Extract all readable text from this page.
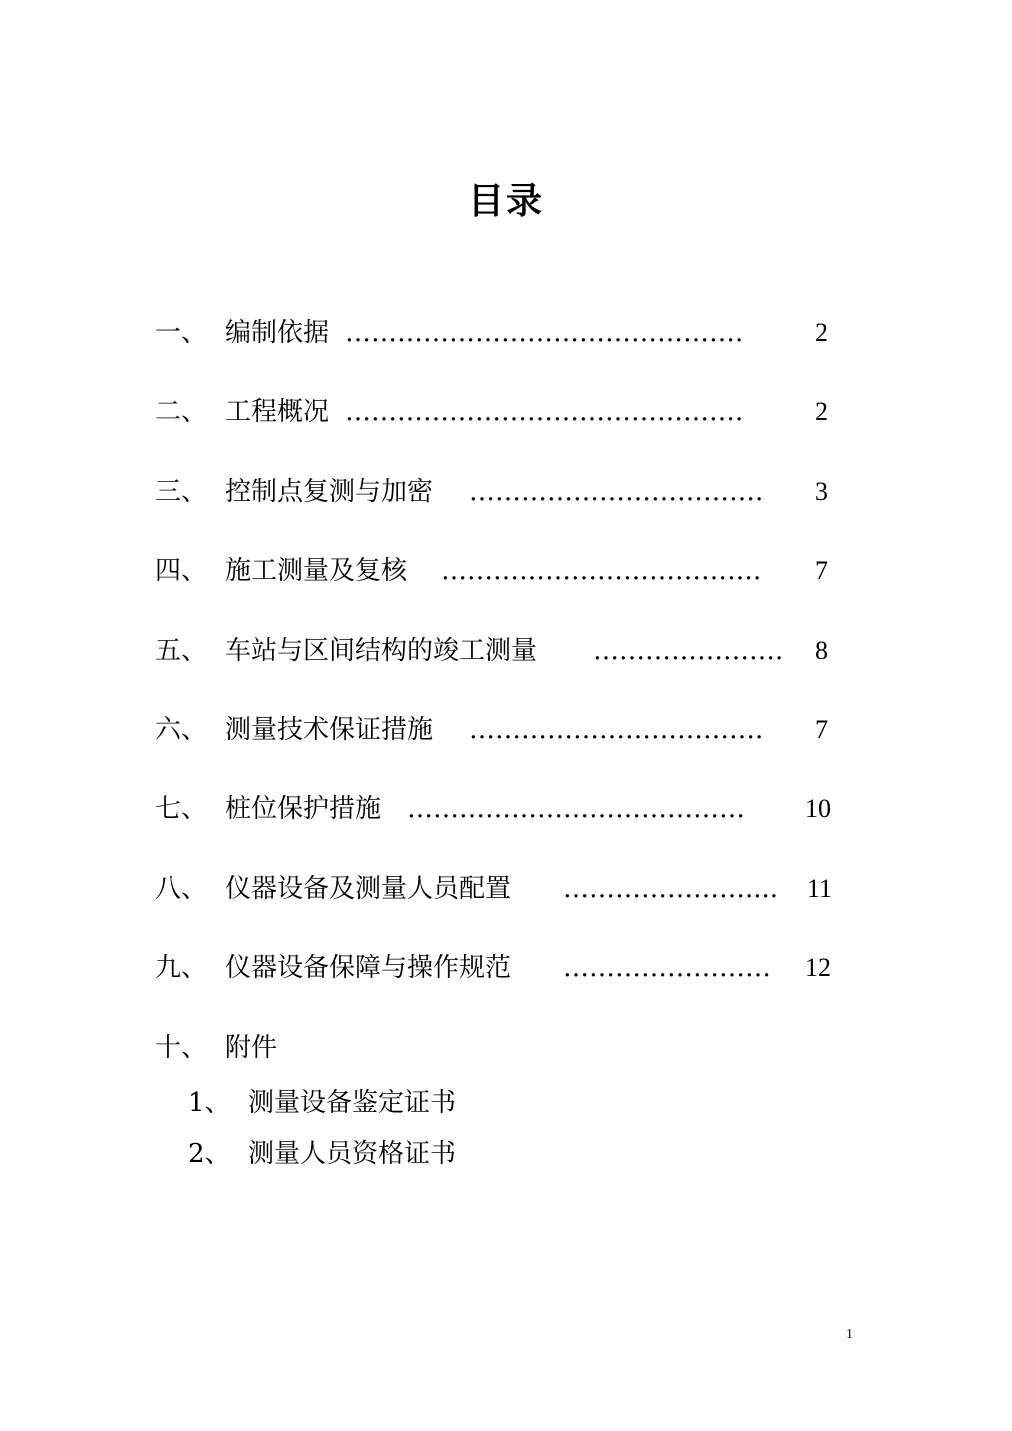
目录
一、 编制依据 ……………………………………….	2
二、 工程概况 ……………………………………….	2
三、 控制点复测与加密 …………………………….	3
四、 施工测量及复核 ……………………………….	7
五、 车站与区间结构的竣工测量 ………………….	8
六、 测量技术保证措施 …………………………….	7
七、 桩位保护措施 …………………………………	10
八、 仪器设备及测量人员配置 …………………....	11
九、 仪器设备保障与操作规范 ……………………	12
十、 附件
1、 测量设备鉴定证书
2、 测量人员资格证书
1
